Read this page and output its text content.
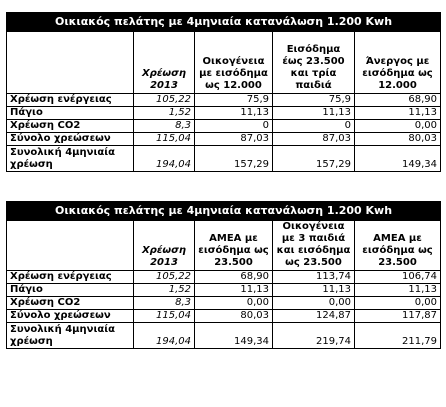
Οικιακός πελάτης με 4μηνιαία κατανάλωση 1.200 Kwh				
	Χρέωση 2013	Οικογένεια με εισόδημα ως 12.000	Εισόδημα έως 23.500 και τρία παιδιά	Άνεργος με εισόδημα ως 12.000
Χρέωση ενέργειας	105,22	75,9	75,9	68,90
Πάγιο	1,52	11,13	11,13	11,13
Χρέωση CO2	8,3	0	0	0,00
Σύνολο χρεώσεων	115,04	87,03	87,03	80,03
Συνολική 4μηνιαία χρέωση	194,04	157,29	157,29	149,34
Οικιακός πελάτης με 4μηνιαία κατανάλωση 1.200 Kwh				
	Χρέωση 2013	ΑΜΕΑ με εισόδημα ως 23.500	Οικογένεια με 3 παιδιά και εισόδημα ως 23.500	ΑΜΕΑ με εισόδημα ως 23.500
Χρέωση ενέργειας	105,22	68,90	113,74	106,74
Πάγιο	1,52	11,13	11,13	11,13
Χρέωση CO2	8,3	0,00	0,00	0,00
Σύνολο χρεώσεων	115,04	80,03	124,87	117,87
Συνολική 4μηνιαία χρέωση	194,04	149,34	219,74	211,79
